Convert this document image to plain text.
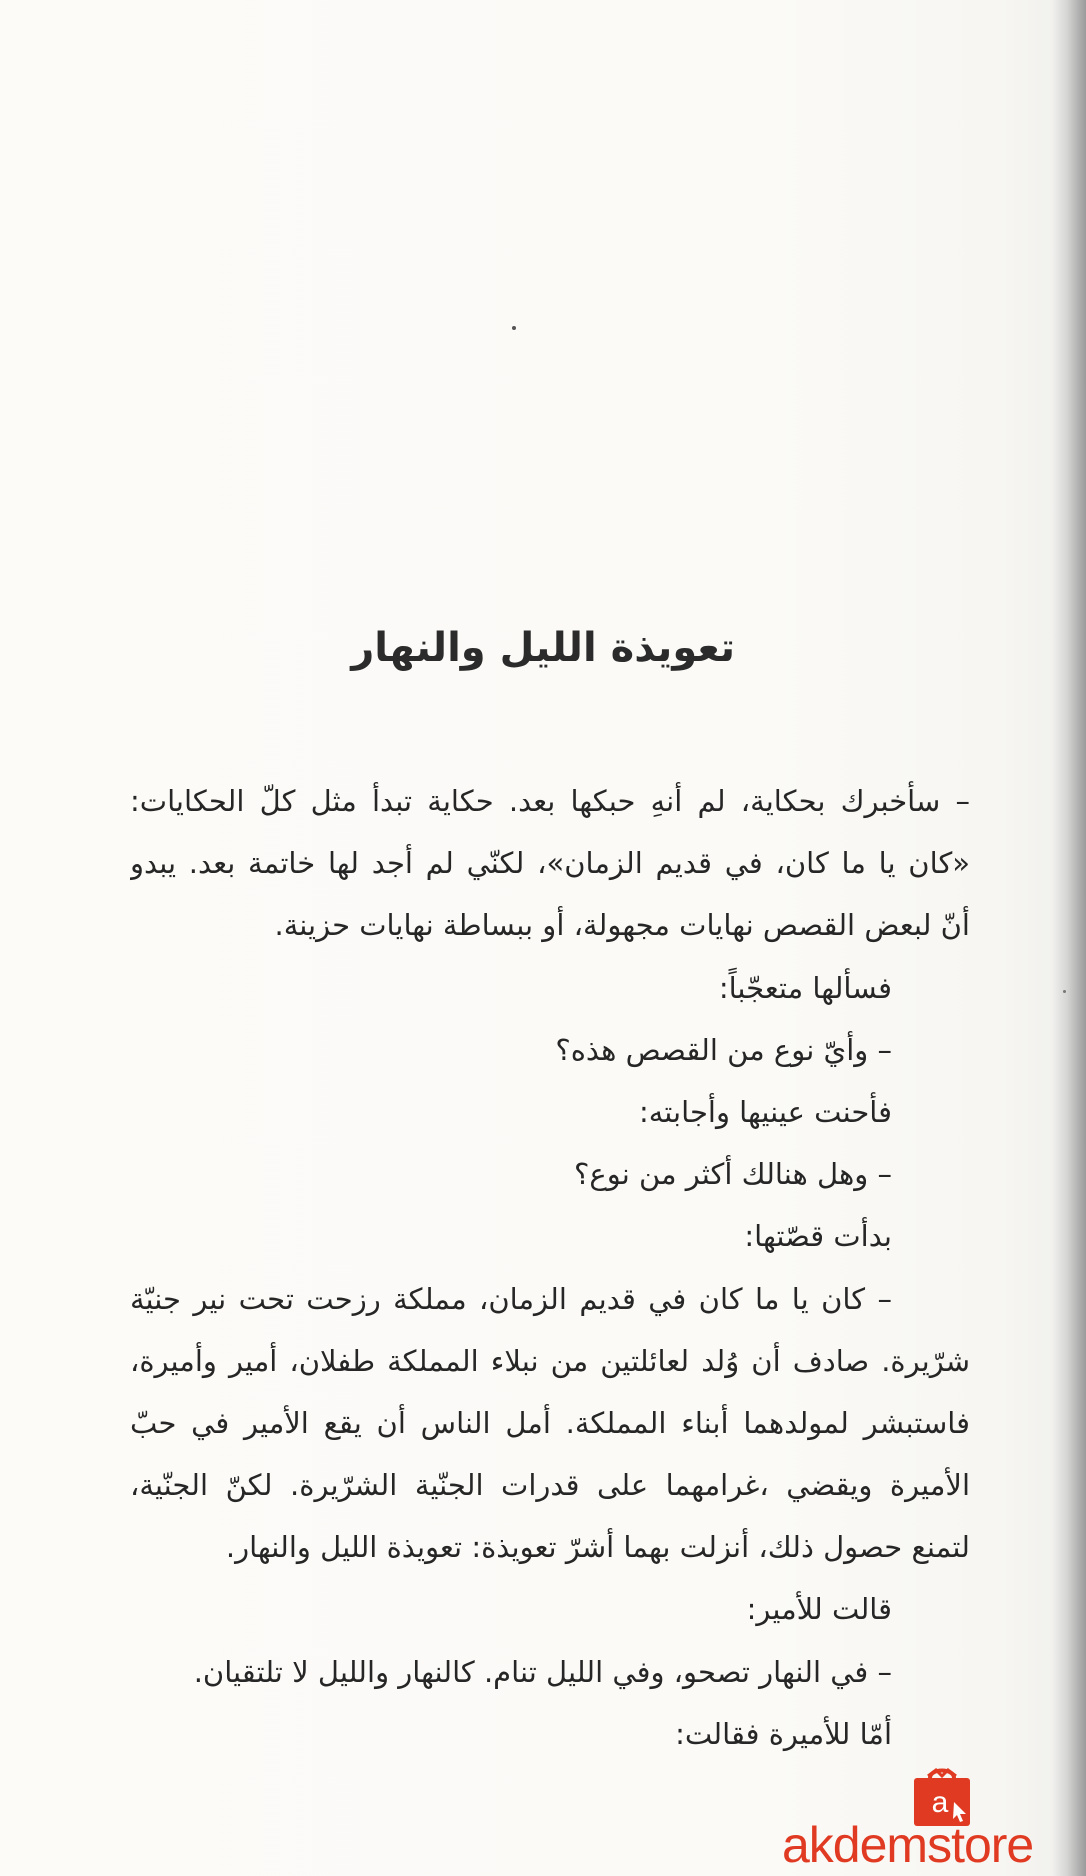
تعويذة الليل والنهار
– سأخبرك بحكاية، لم أنهِ حبكها بعد. حكاية تبدأ مثل كلّ الحكايات:
«كان يا ما كان، في قديم الزمان»، لكنّي لم أجد لها خاتمة بعد. يبدو
أنّ لبعض القصص نهايات مجهولة، أو ببساطة نهايات حزينة.
فسألها متعجّباً:
– وأيّ نوع من القصص هذه؟
فأحنت عينيها وأجابته:
– وهل هنالك أكثر من نوع؟
بدأت قصّتها:
– كان يا ما كان في قديم الزمان، مملكة رزحت تحت نير جنيّة
شرّيرة. صادف أن وُلد لعائلتين من نبلاء المملكة طفلان، أمير وأميرة،
فاستبشر لمولدهما أبناء المملكة. أمل الناس أن يقع الأمير في حبّ
الأميرة ويقضي ،غرامهما على قدرات الجنّية الشرّيرة. لكنّ الجنّية،
لتمنع حصول ذلك، أنزلت بهما أشرّ تعويذة: تعويذة الليل والنهار.
قالت للأمير:
– في النهار تصحو، وفي الليل تنام. كالنهار والليل لا تلتقيان.
أمّا للأميرة فقالت:
a
akdemstore
